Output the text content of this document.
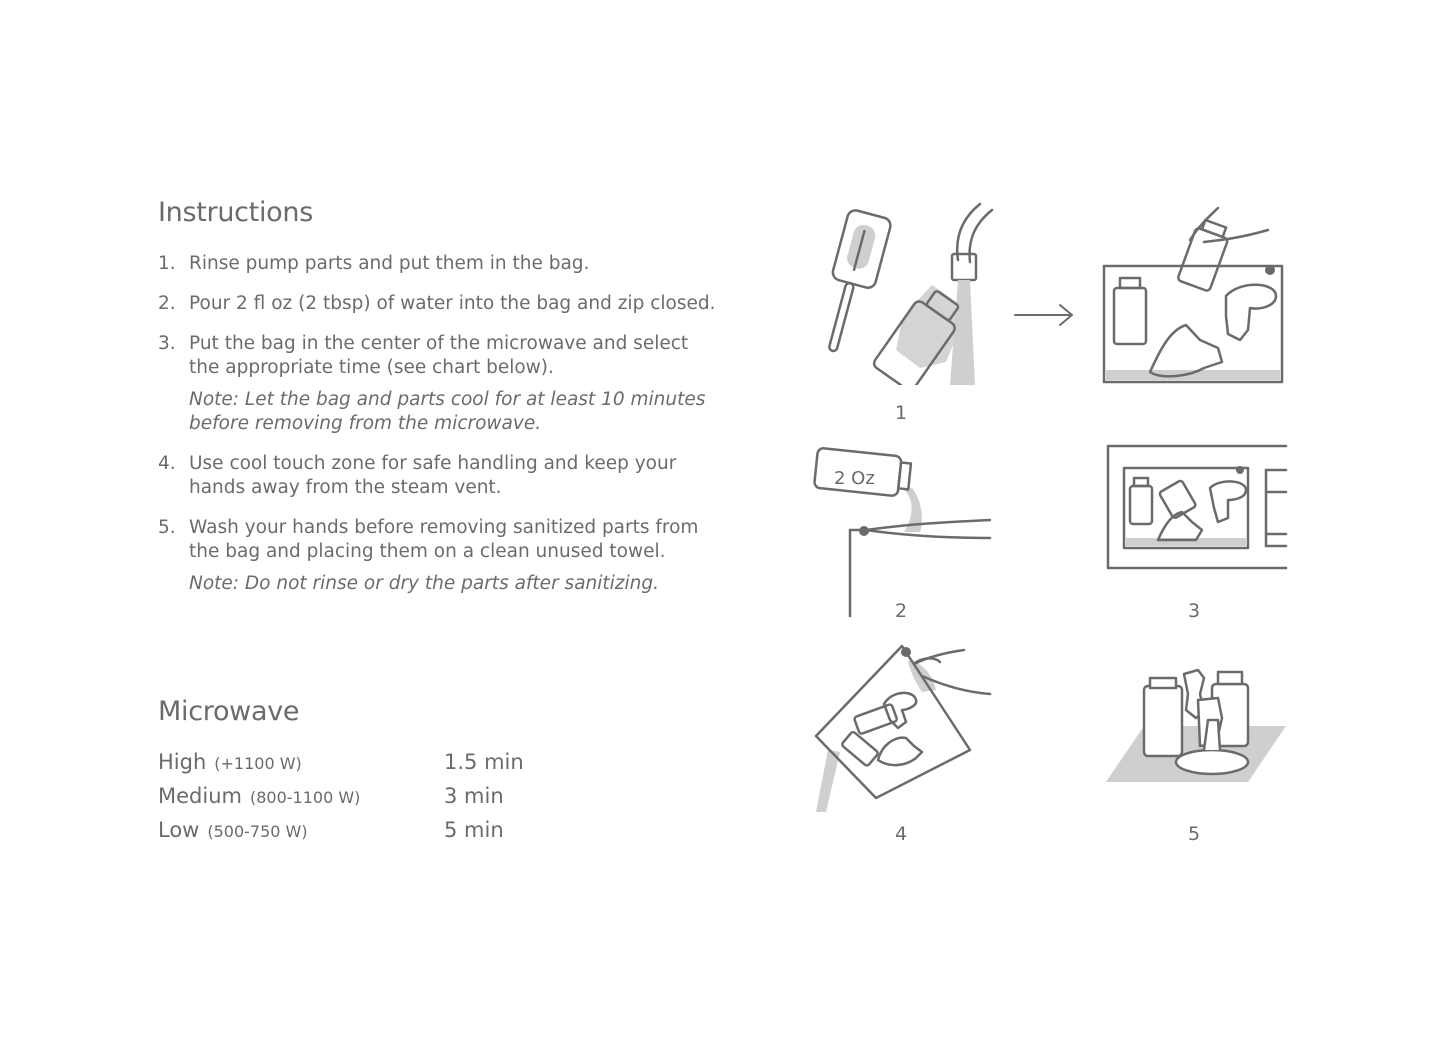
Instructions
1. Rinse pump parts and put them in the bag.
2. Pour 2 fl oz (2 tbsp) of water into the bag and zip closed.
3. Put the bag in the center of the microwave and select the appropriate time (see chart below).
Note: Let the bag and parts cool for at least 10 minutes before removing from the microwave.
4. Use cool touch zone for safe handling and keep your hands away from the steam vent.
5. Wash your hands before removing sanitized parts from the bag and placing them on a clean unused towel.
Note: Do not rinse or dry the parts after sanitizing.
Microwave
High (+1100 W)	1.5 min
Medium (800-1100 W)	3 min
Low (500-750 W)	5 min
1
2 Oz
2	3
4	5
